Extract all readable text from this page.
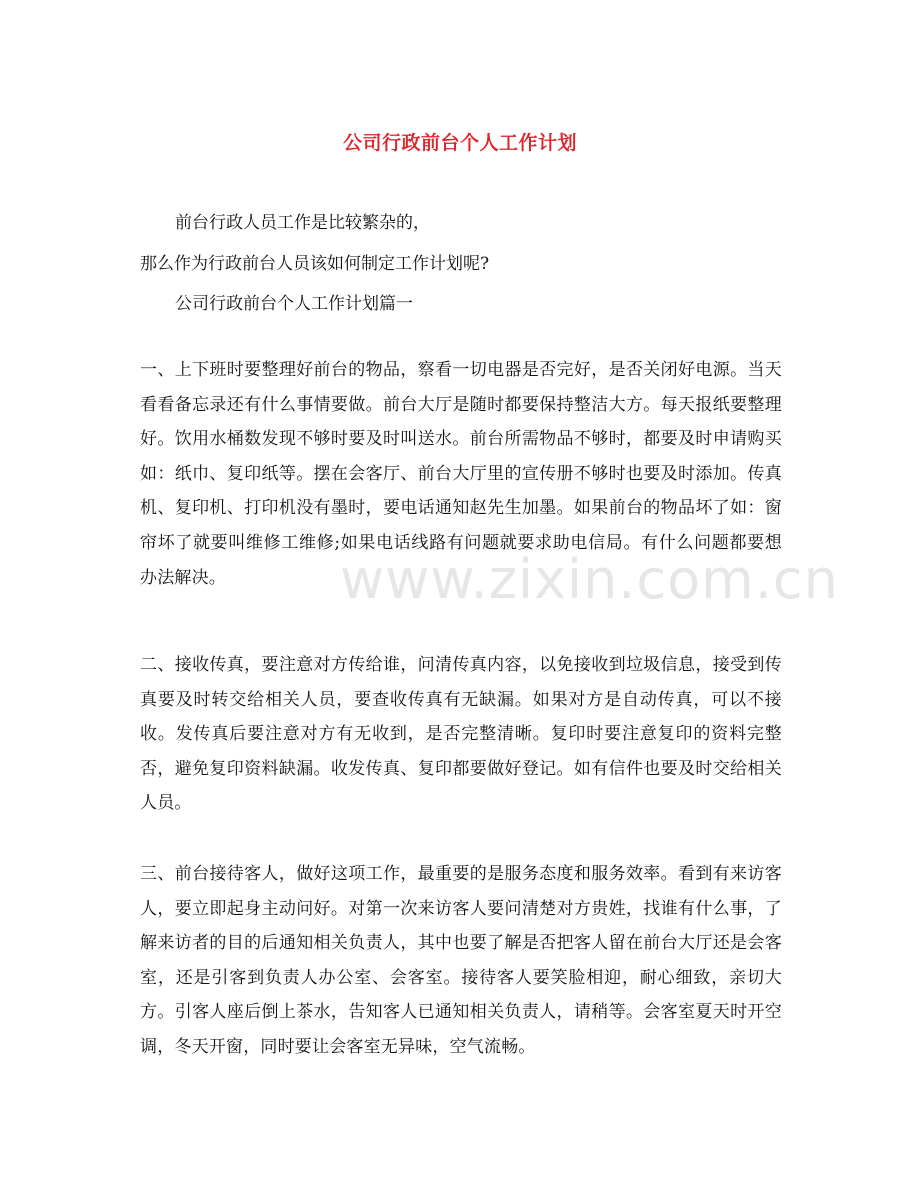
公司行政前台个人工作计划
前台行政人员工作是比较繁杂的，
那么作为行政前台人员该如何制定工作计划呢?
公司行政前台个人工作计划篇一
一、上下班时要整理好前台的物品，察看一切电器是否完好，是否关闭好电源。当天看看备忘录还有什么事情要做。前台大厅是随时都要保持整洁大方。每天报纸要整理好。饮用水桶数发现不够时要及时叫送水。前台所需物品不够时，都要及时申请购买如：纸巾、复印纸等。摆在会客厅、前台大厅里的宣传册不够时也要及时添加。传真机、复印机、打印机没有墨时，要电话通知赵先生加墨。如果前台的物品坏了如：窗帘坏了就要叫维修工维修;如果电话线路有问题就要求助电信局。有什么问题都要想办法解决。
二、接收传真，要注意对方传给谁，问清传真内容，以免接收到垃圾信息，接受到传真要及时转交给相关人员，要查收传真有无缺漏。如果对方是自动传真，可以不接收。发传真后要注意对方有无收到，是否完整清晰。复印时要注意复印的资料完整否，避免复印资料缺漏。收发传真、复印都要做好登记。如有信件也要及时交给相关人员。
三、前台接待客人，做好这项工作，最重要的是服务态度和服务效率。看到有来访客人，要立即起身主动问好。对第一次来访客人要问清楚对方贵姓，找谁有什么事，了解来访者的目的后通知相关负责人，其中也要了解是否把客人留在前台大厅还是会客室，还是引客到负责人办公室、会客室。接待客人要笑脸相迎，耐心细致，亲切大方。引客人座后倒上茶水，告知客人已通知相关负责人，请稍等。会客室夏天时开空调，冬天开窗，同时要让会客室无异味，空气流畅。
www.zixin.com.cn
